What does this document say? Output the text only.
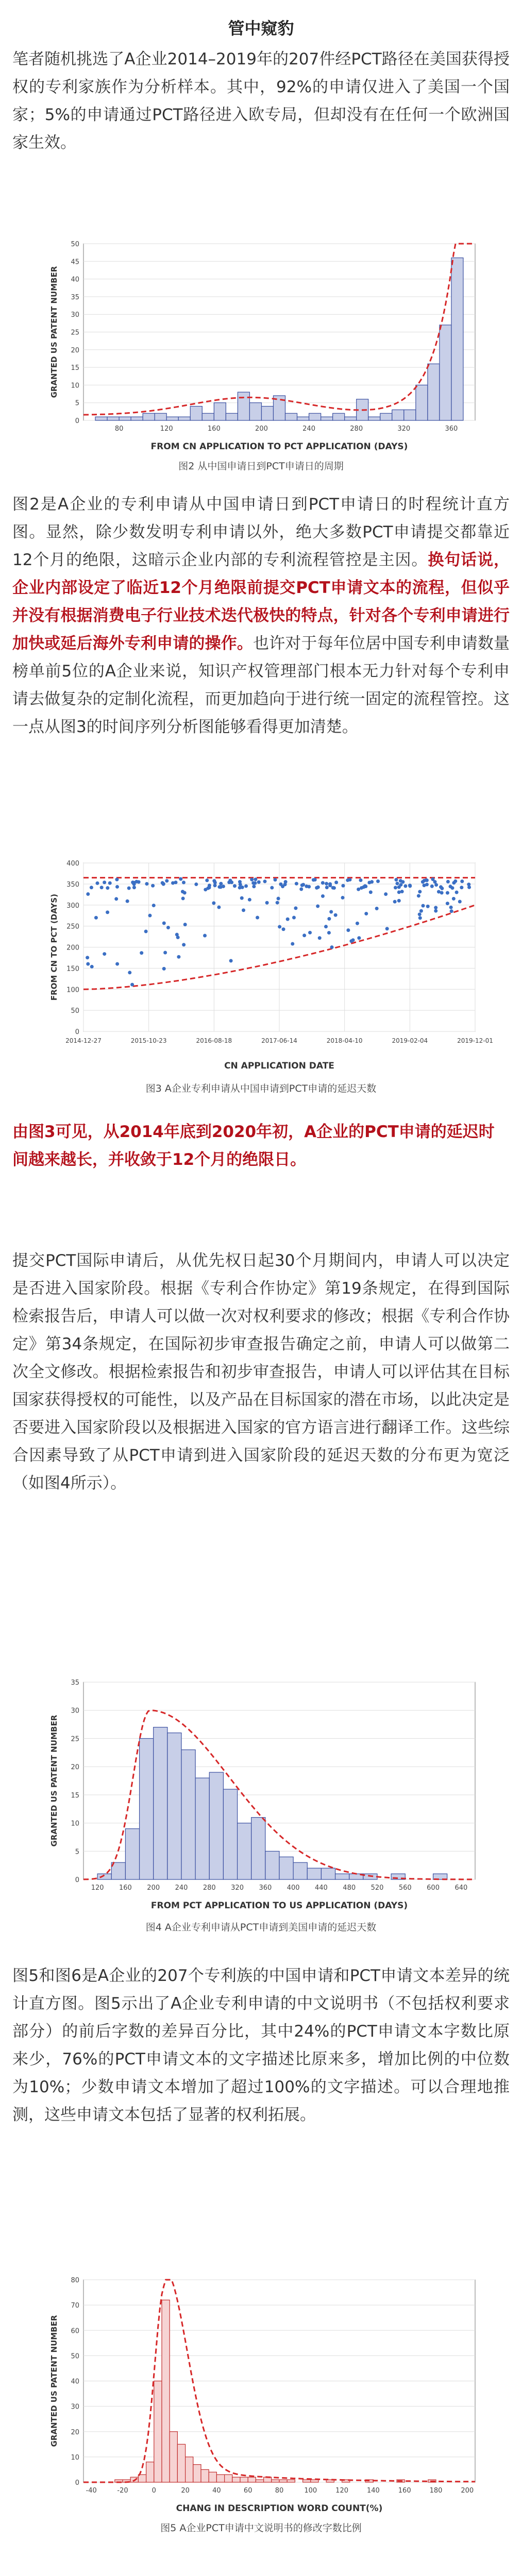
管中窥豹

笔者随机挑选了A企业2014–2019年的207件经PCT路径在美国获得授权的专利家族作为分析样本。其中，92%的申请仅进入了美国一个国家；5%的申请通过PCT路径进入欧专局，但却没有在任何一个欧洲国家生效。

0
5
10
15
20
25
30
35
40
45
50
80	120	160	200	240	280	320	360
FROM CN APPLICATION TO PCT APPLICATION (DAYS)
GRANTED US PATENT NUMBER
图2 从中国申请日到PCT申请日的周期

图2是A企业的专利申请从中国申请日到PCT申请日的时程统计直方图。显然，除少数发明专利申请以外，绝大多数PCT申请提交都靠近12个月的绝限，这暗示企业内部的专利流程管控是主因。换句话说，企业内部设定了临近12个月绝限前提交PCT申请文本的流程，但似乎并没有根据消费电子行业技术迭代极快的特点，针对各个专利申请进行加快或延后海外专利申请的操作。也许对于每年位居中国专利申请数量榜单前5位的A企业来说，知识产权管理部门根本无力针对每个专利申请去做复杂的定制化流程，而更加趋向于进行统一固定的流程管控。这一点从图3的时间序列分析图能够看得更加清楚。

0
50
100
150
200
250
300
350
400
2014-12-27	2015-10-23	2016-08-18	2017-06-14	2018-04-10	2019-02-04	2019-12-01
CN APPLICATION DATE
FROM CN TO PCT (DAYS)
图3 A企业专利申请从中国申请到PCT申请的延迟天数

由图3可见，从2014年底到2020年初，A企业的PCT申请的延迟时间越来越长，并收敛于12个月的绝限日。

提交PCT国际申请后，从优先权日起30个月期间内，申请人可以决定是否进入国家阶段。根据《专利合作协定》第19条规定，在得到国际检索报告后，申请人可以做一次对权利要求的修改；根据《专利合作协定》第34条规定，在国际初步审查报告确定之前，申请人可以做第二次全文修改。根据检索报告和初步审查报告，申请人可以评估其在目标国家获得授权的可能性，以及产品在目标国家的潜在市场，以此决定是否要进入国家阶段以及根据进入国家的官方语言进行翻译工作。这些综合因素导致了从PCT申请到进入国家阶段的延迟天数的分布更为宽泛（如图4所示）。

0
5
10
15
20
25
30
35
120 160 200 240 280 320 360 400 440 480 520 560 600 640
FROM PCT APPLICATION TO US APPLICATION (DAYS)
GRANTED US PATENT NUMBER
图4 A企业专利申请从PCT申请到美国申请的延迟天数

图5和图6是A企业的207个专利族的中国申请和PCT申请文本差异的统计直方图。图5示出了A企业专利申请的中文说明书（不包括权利要求部分）的前后字数的差异百分比，其中24%的PCT申请文本字数比原来少，76%的PCT申请文本的文字描述比原来多，增加比例的中位数为10%；少数申请文本增加了超过100%的文字描述。可以合理地推测，这些申请文本包括了显著的权利拓展。

0
10
20
30
40
50
60
70
80
-40	-20	0	20	40	60	80	100	120	140	160	180	200
CHANG IN DESCRIPTION WORD COUNT(%)
GRANTED US PATENT NUMBER
图5 A企业PCT申请中文说明书的修改字数比例
